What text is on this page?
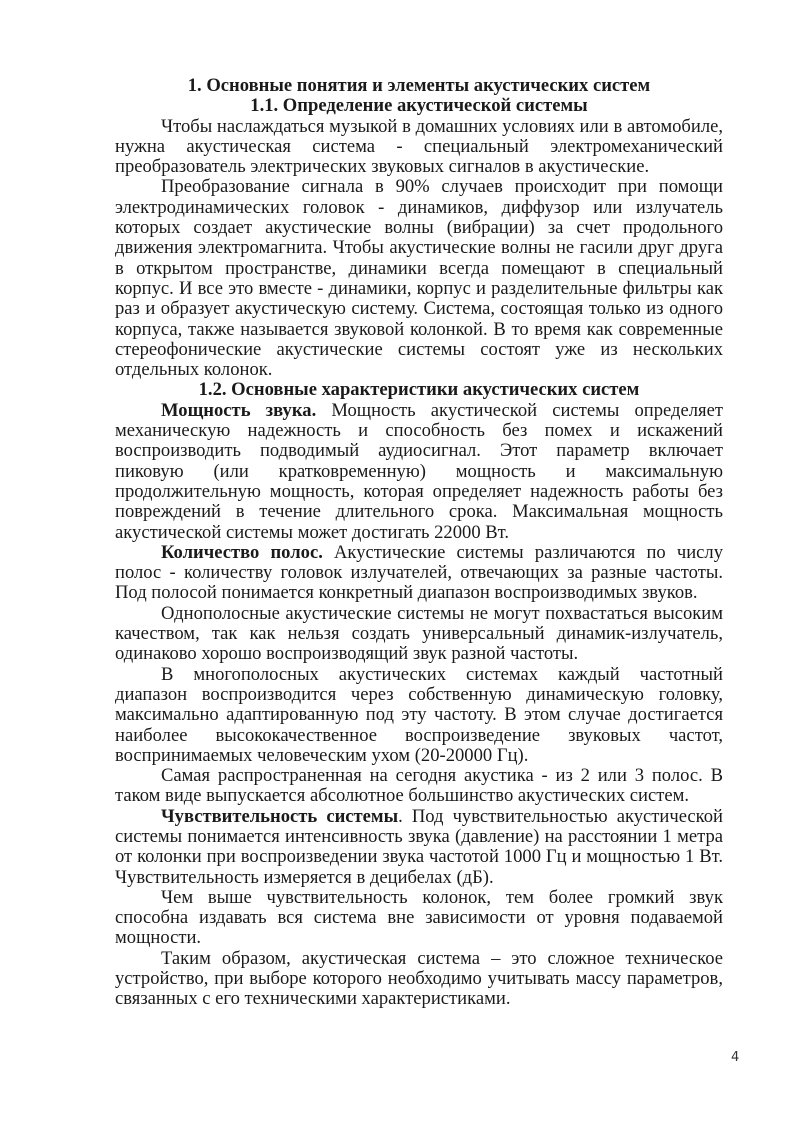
1. Основные понятия и элементы акустических систем

1.1. Определение акустической системы

Чтобы наслаждаться музыкой в домашних условиях или в автомобиле, нужна акустическая система - специальный электромеханический преобразователь электрических звуковых сигналов в акустические.

Преобразование сигнала в 90% случаев происходит при помощи электродинамических головок - динамиков, диффузор или излучатель которых создает акустические волны (вибрации) за счет продольного движения электромагнита. Чтобы акустические волны не гасили друг друга в открытом пространстве, динамики всегда помещают в специальный корпус. И все это вместе - динамики, корпус и разделительные фильтры как раз и образует акустическую систему. Система, состоящая только из одного корпуса, также называется звуковой колонкой. В то время как современные стереофонические акустические системы состоят уже из нескольких отдельных колонок.

1.2. Основные характеристики акустических систем

Мощность звука. Мощность акустической системы определяет механическую надежность и способность без помех и искажений воспроизводить подводимый аудиосигнал. Этот параметр включает пиковую (или кратковременную) мощность и максимальную продолжительную мощность, которая определяет надежность работы без повреждений в течение длительного срока. Максимальная мощность акустической системы может достигать 22000 Вт.

Количество полос. Акустические системы различаются по числу полос - количеству головок излучателей, отвечающих за разные частоты. Под полосой понимается конкретный диапазон воспроизводимых звуков.

Однополосные акустические системы не могут похвастаться высоким качеством, так как нельзя создать универсальный динамик-излучатель, одинаково хорошо воспроизводящий звук разной частоты.

В многополосных акустических системах каждый частотный диапазон воспроизводится через собственную динамическую головку, максимально адаптированную под эту частоту. В этом случае достигается наиболее высококачественное воспроизведение звуковых частот, воспринимаемых человеческим ухом (20-20000 Гц).

Самая распространенная на сегодня акустика - из 2 или 3 полос. В таком виде выпускается абсолютное большинство акустических систем.

Чувствительность системы. Под чувствительностью акустической системы понимается интенсивность звука (давление) на расстоянии 1 метра от колонки при воспроизведении звука частотой 1000 Гц и мощностью 1 Вт. Чувствительность измеряется в децибелах (дБ).

Чем выше чувствительность колонок, тем более громкий звук способна издавать вся система вне зависимости от уровня подаваемой мощности.

Таким образом, акустическая система – это сложное техническое устройство, при выборе которого необходимо учитывать массу параметров, связанных с его техническими характеристиками.

4
